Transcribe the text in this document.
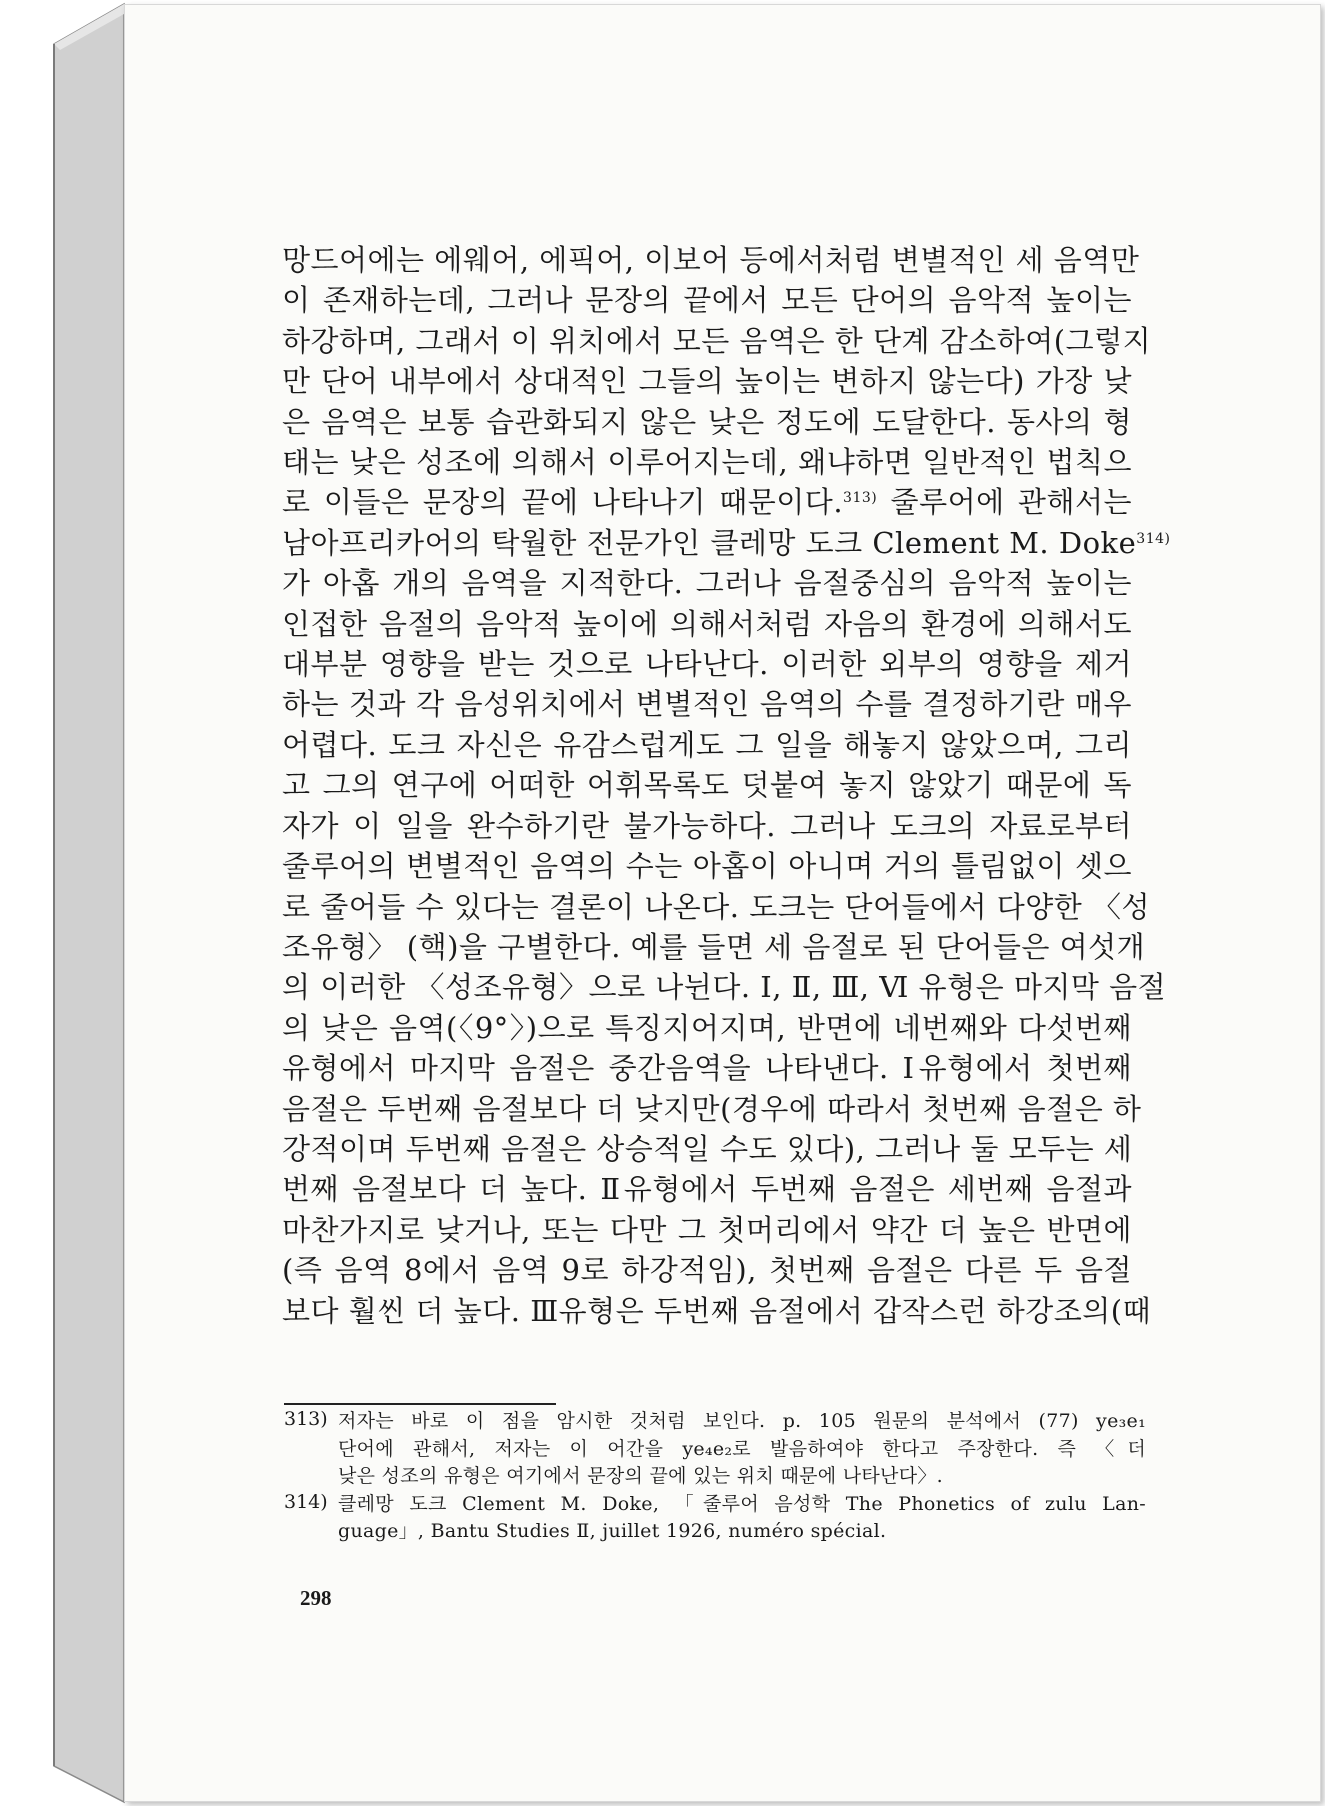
망드어에는 에웨어, 에픽어, 이보어 등에서처럼 변별적인 세 음역만
이 존재하는데, 그러나 문장의 끝에서 모든 단어의 음악적 높이는
하강하며, 그래서 이 위치에서 모든 음역은 한 단계 감소하여(그렇지
만 단어 내부에서 상대적인 그들의 높이는 변하지 않는다) 가장 낮
은 음역은 보통 습관화되지 않은 낮은 정도에 도달한다. 동사의 형
태는 낮은 성조에 의해서 이루어지는데, 왜냐하면 일반적인 법칙으
로 이들은 문장의 끝에 나타나기 때문이다.$^{313)}$ 줄루어에 관해서는
남아프리카어의 탁월한 전문가인 클레망 도크 Clement M. Doke$^{314)}$
가 아홉 개의 음역을 지적한다. 그러나 음절중심의 음악적 높이는
인접한 음절의 음악적 높이에 의해서처럼 자음의 환경에 의해서도
대부분 영향을 받는 것으로 나타난다. 이러한 외부의 영향을 제거
하는 것과 각 음성위치에서 변별적인 음역의 수를 결정하기란 매우
어렵다. 도크 자신은 유감스럽게도 그 일을 해놓지 않았으며, 그리
고 그의 연구에 어떠한 어휘목록도 덧붙여 놓지 않았기 때문에 독
자가 이 일을 완수하기란 불가능하다. 그러나 도크의 자료로부터
줄루어의 변별적인 음역의 수는 아홉이 아니며 거의 틀림없이 셋으
로 줄어들 수 있다는 결론이 나온다. 도크는 단어들에서 다양한 〈성
조유형〉 (핵)을 구별한다. 예를 들면 세 음절로 된 단어들은 여섯개
의 이러한 〈성조유형〉으로 나뉜다. Ⅰ, Ⅱ, Ⅲ, Ⅵ 유형은 마지막 음절
의 낮은 음역(〈9°〉)으로 특징지어지며, 반면에 네번째와 다섯번째
유형에서 마지막 음절은 중간음역을 나타낸다. Ⅰ유형에서 첫번째
음절은 두번째 음절보다 더 낮지만(경우에 따라서 첫번째 음절은 하
강적이며 두번째 음절은 상승적일 수도 있다), 그러나 둘 모두는 세
번째 음절보다 더 높다. Ⅱ유형에서 두번째 음절은 세번째 음절과
마찬가지로 낮거나, 또는 다만 그 첫머리에서 약간 더 높은 반면에
(즉 음역 8에서 음역 9로 하강적임), 첫번째 음절은 다른 두 음절
보다 훨씬 더 높다. Ⅲ유형은 두번째 음절에서 갑작스런 하강조의(때
313) 저자는 바로 이 점을 암시한 것처럼 보인다. p. 105 원문의 분석에서 (77) ye₃e₁
단어에 관해서, 저자는 이 어간을 ye₄e₂로 발음하여야 한다고 주장한다. 즉 〈더
낮은 성조의 유형은 여기에서 문장의 끝에 있는 위치 때문에 나타난다〉.
314) 클레망 도크 Clement M. Doke, 「줄루어 음성학 The Phonetics of zulu Lan-
guage」, Bantu Studies Ⅱ, juillet 1926, numéro spécial.
298
